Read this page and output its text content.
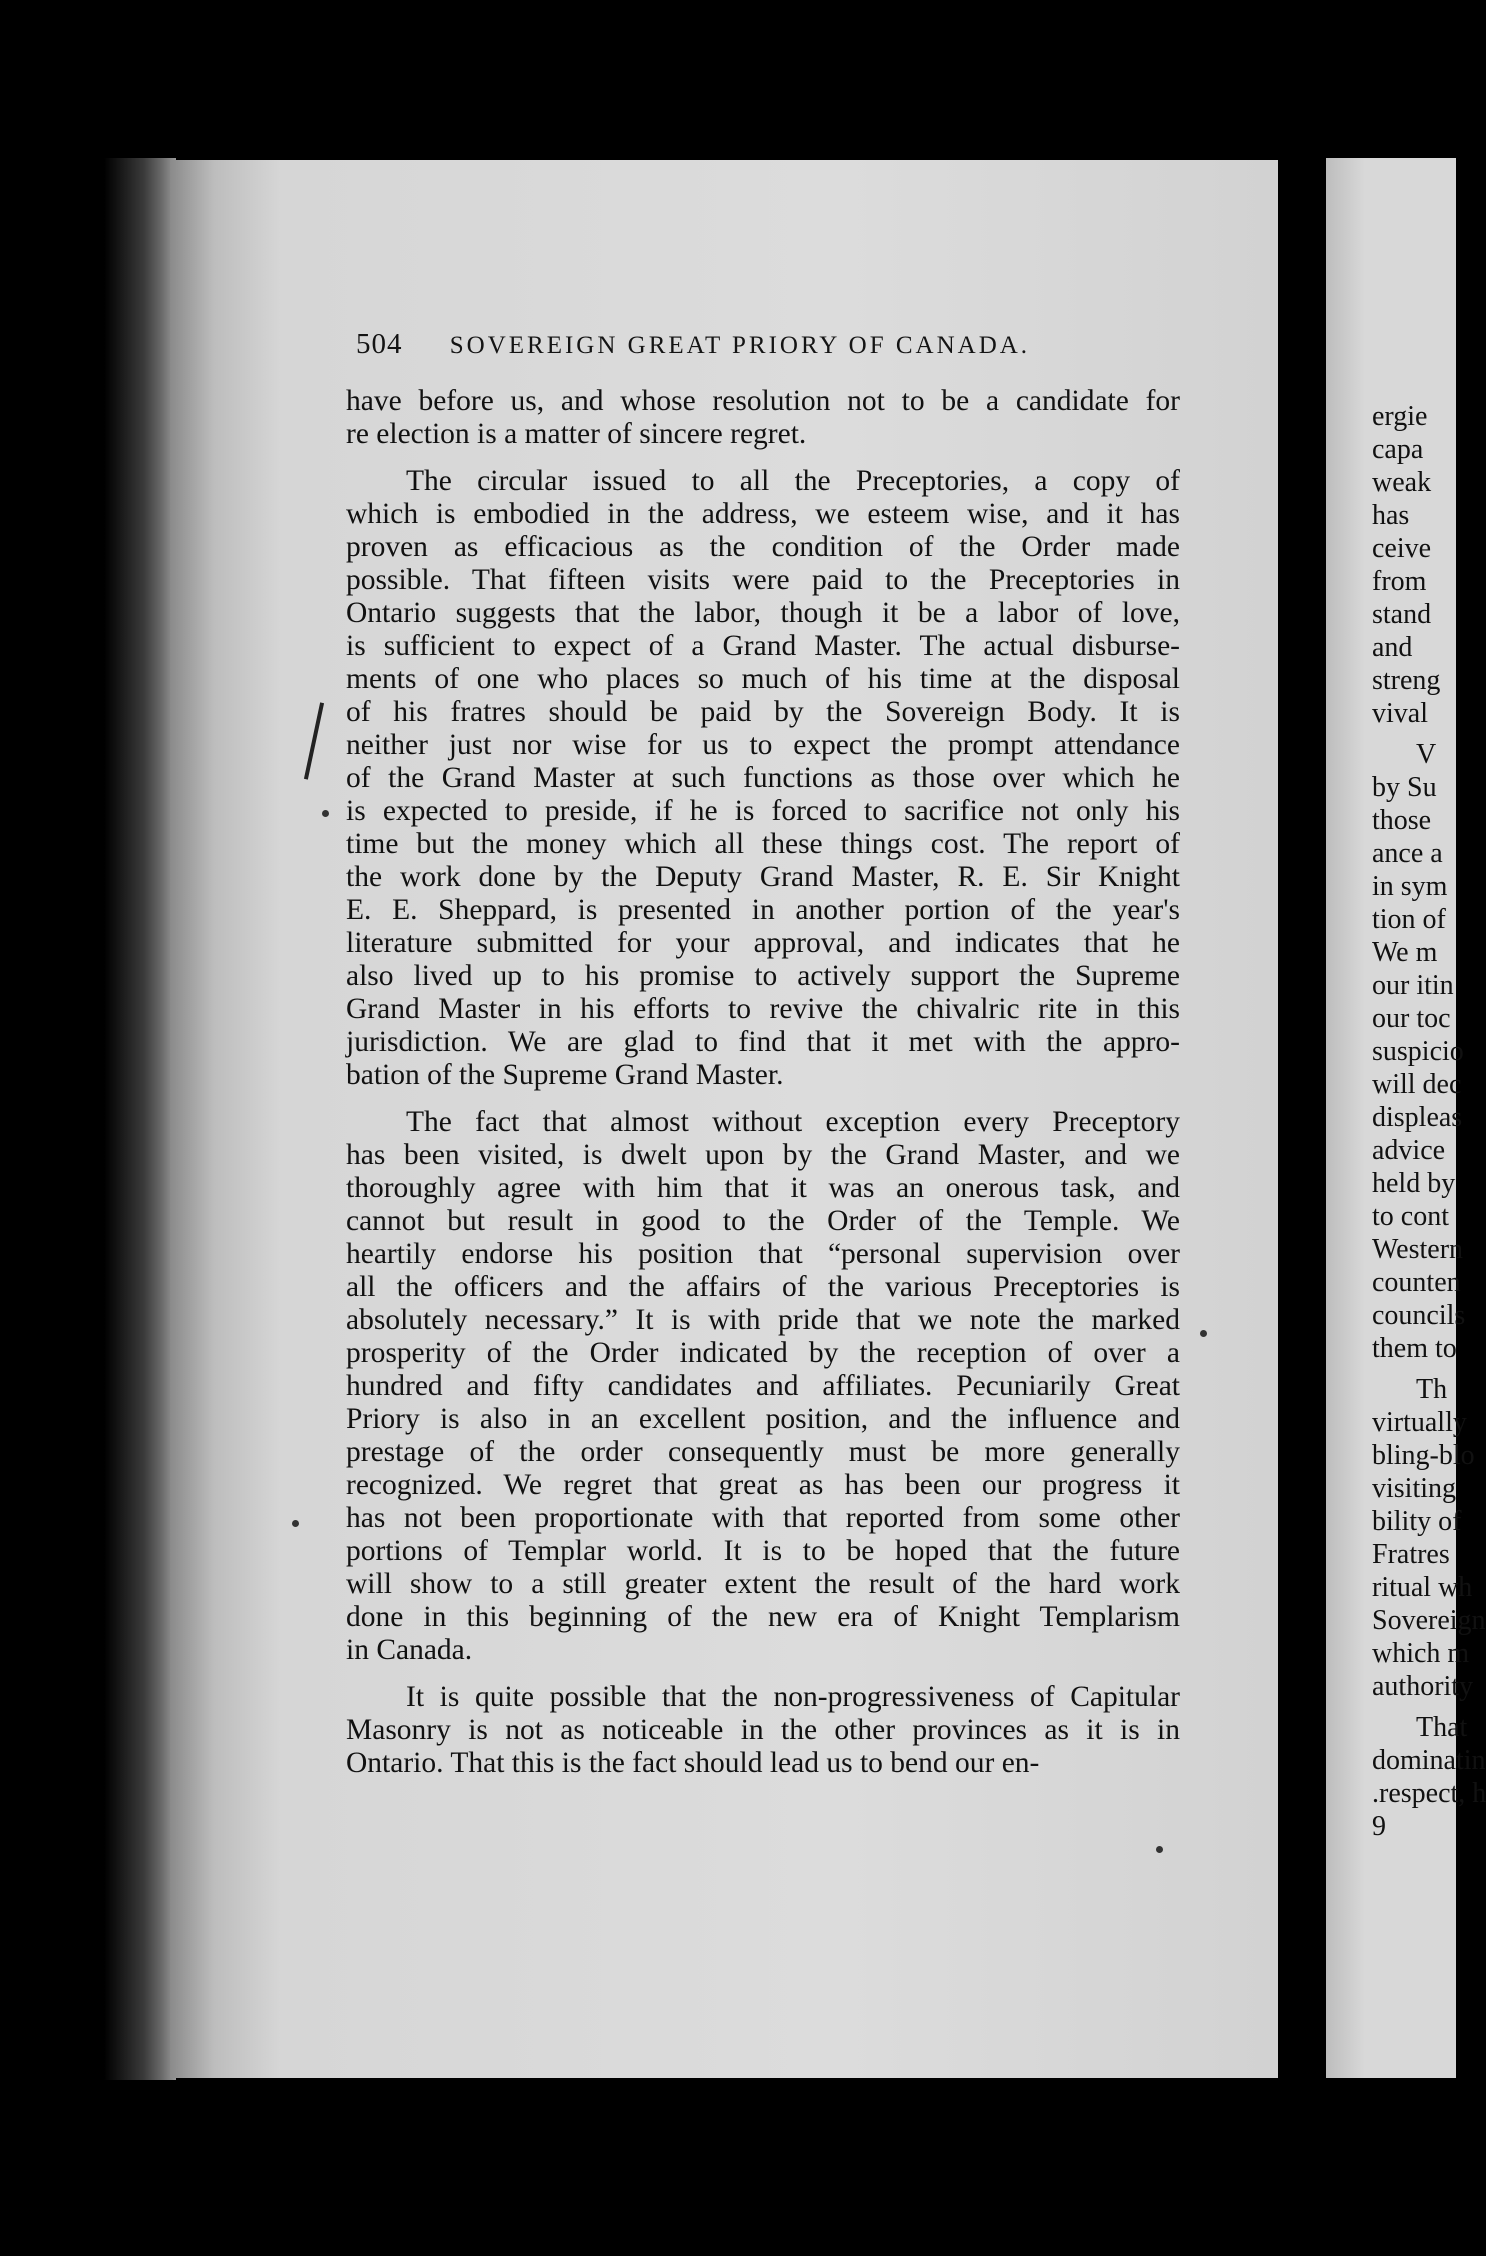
504 SOVEREIGN GREAT PRIORY OF CANADA.
have before us, and whose resolution not to be a candidate for
re election is a matter of sincere regret.
The circular issued to all the Preceptories, a copy of
which is embodied in the address, we esteem wise, and it has
proven as efficacious as the condition of the Order made
possible. That fifteen visits were paid to the Preceptories in
Ontario suggests that the labor, though it be a labor of love,
is sufficient to expect of a Grand Master. The actual disburse-
ments of one who places so much of his time at the disposal
of his fratres should be paid by the Sovereign Body. It is
neither just nor wise for us to expect the prompt attendance
of the Grand Master at such functions as those over which he
is expected to preside, if he is forced to sacrifice not only his
time but the money which all these things cost. The report of
the work done by the Deputy Grand Master, R. E. Sir Knight
E. E. Sheppard, is presented in another portion of the year's
literature submitted for your approval, and indicates that he
also lived up to his promise to actively support the Supreme
Grand Master in his efforts to revive the chivalric rite in this
jurisdiction. We are glad to find that it met with the appro-
bation of the Supreme Grand Master.
The fact that almost without exception every Preceptory
has been visited, is dwelt upon by the Grand Master, and we
thoroughly agree with him that it was an onerous task, and
cannot but result in good to the Order of the Temple. We
heartily endorse his position that “personal supervision over
all the officers and the affairs of the various Preceptories is
absolutely necessary.” It is with pride that we note the marked
prosperity of the Order indicated by the reception of over a
hundred and fifty candidates and affiliates. Pecuniarily Great
Priory is also in an excellent position, and the influence and
prestage of the order consequently must be more generally
recognized. We regret that great as has been our progress it
has not been proportionate with that reported from some other
portions of Templar world. It is to be hoped that the future
will show to a still greater extent the result of the hard work
done in this beginning of the new era of Knight Templarism
in Canada.
It is quite possible that the non-progressiveness of Capitular
Masonry is not as noticeable in the other provinces as it is in
Ontario. That this is the fact should lead us to bend our en-
ergie
capa
weak
has
ceive
from
stand
and
streng
vival
V
by Su
those
ance a
in sym
tion of
We m
our itin
our toc
suspicio
will dec
displeas
advice
held by
to cont
Western
counten
councils
them to
Th
virtually
bling-blo
visiting
bility of
Fratres
ritual wh
Sovereign
which m
authority
That
dominatin
.respect, h
9
